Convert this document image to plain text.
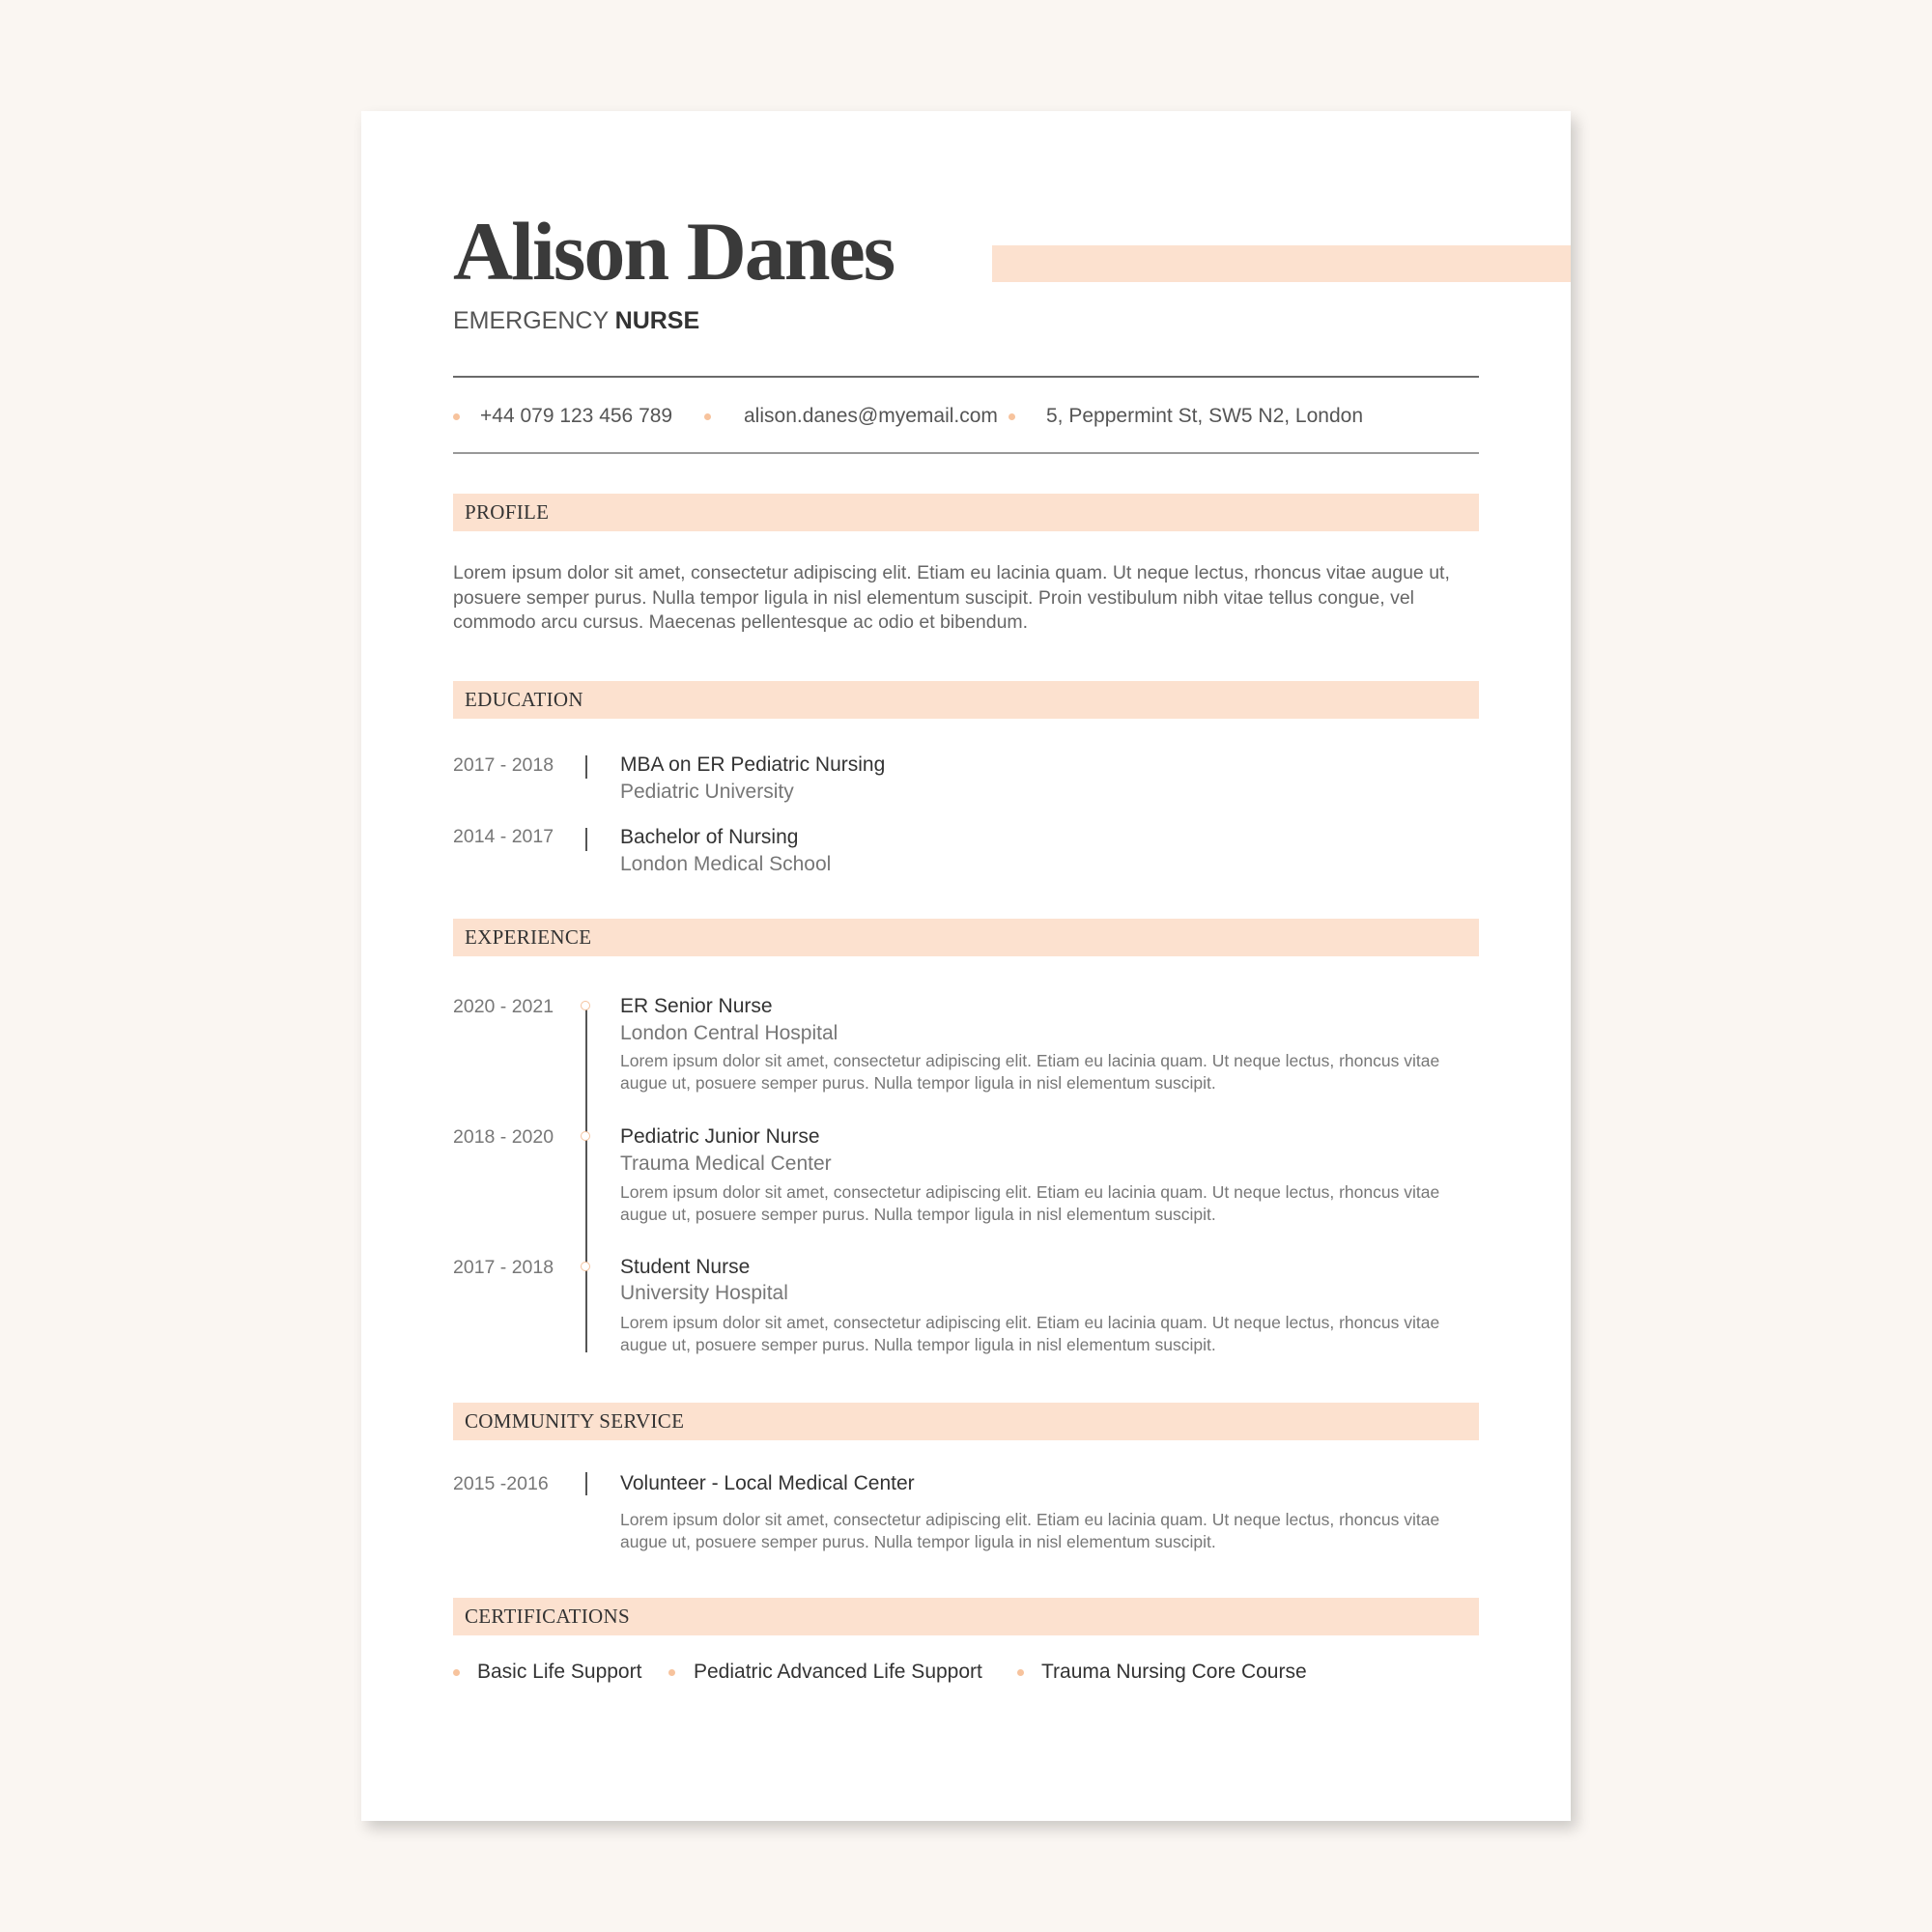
Alison Danes
EMERGENCY NURSE
+44 079 123 456 789	alison.danes@myemail.com 5, Peppermint St, SW5 N2, London
PROFILE
Lorem ipsum dolor sit amet, consectetur adipiscing elit. Etiam eu lacinia quam. Ut neque lectus, rhoncus vitae augue ut, posuere semper purus. Nulla tempor ligula in nisl elementum suscipit. Proin vestibulum nibh vitae tellus congue, vel commodo arcu cursus. Maecenas pellentesque ac odio et bibendum.
EDUCATION
2017 - 2018	MBA on ER Pediatric Nursing
Pediatric University
2014 - 2017	Bachelor of Nursing
London Medical School
EXPERIENCE
2020 - 2021	ER Senior Nurse
London Central Hospital
Lorem ipsum dolor sit amet, consectetur adipiscing elit. Etiam eu lacinia quam. Ut neque lectus, rhoncus vitae augue ut, posuere semper purus. Nulla tempor ligula in nisl elementum suscipit.
2018 - 2020	Pediatric Junior Nurse
Trauma Medical Center
Lorem ipsum dolor sit amet, consectetur adipiscing elit. Etiam eu lacinia quam. Ut neque lectus, rhoncus vitae augue ut, posuere semper purus. Nulla tempor ligula in nisl elementum suscipit.
2017 - 2018	Student Nurse
University Hospital
Lorem ipsum dolor sit amet, consectetur adipiscing elit. Etiam eu lacinia quam. Ut neque lectus, rhoncus vitae augue ut, posuere semper purus. Nulla tempor ligula in nisl elementum suscipit.
COMMUNITY SERVICE
2015 -2016	Volunteer - Local Medical Center
Lorem ipsum dolor sit amet, consectetur adipiscing elit. Etiam eu lacinia quam. Ut neque lectus, rhoncus vitae augue ut, posuere semper purus. Nulla tempor ligula in nisl elementum suscipit.
CERTIFICATIONS
Basic Life Support	Pediatric Advanced Life Support	Trauma Nursing Core Course
